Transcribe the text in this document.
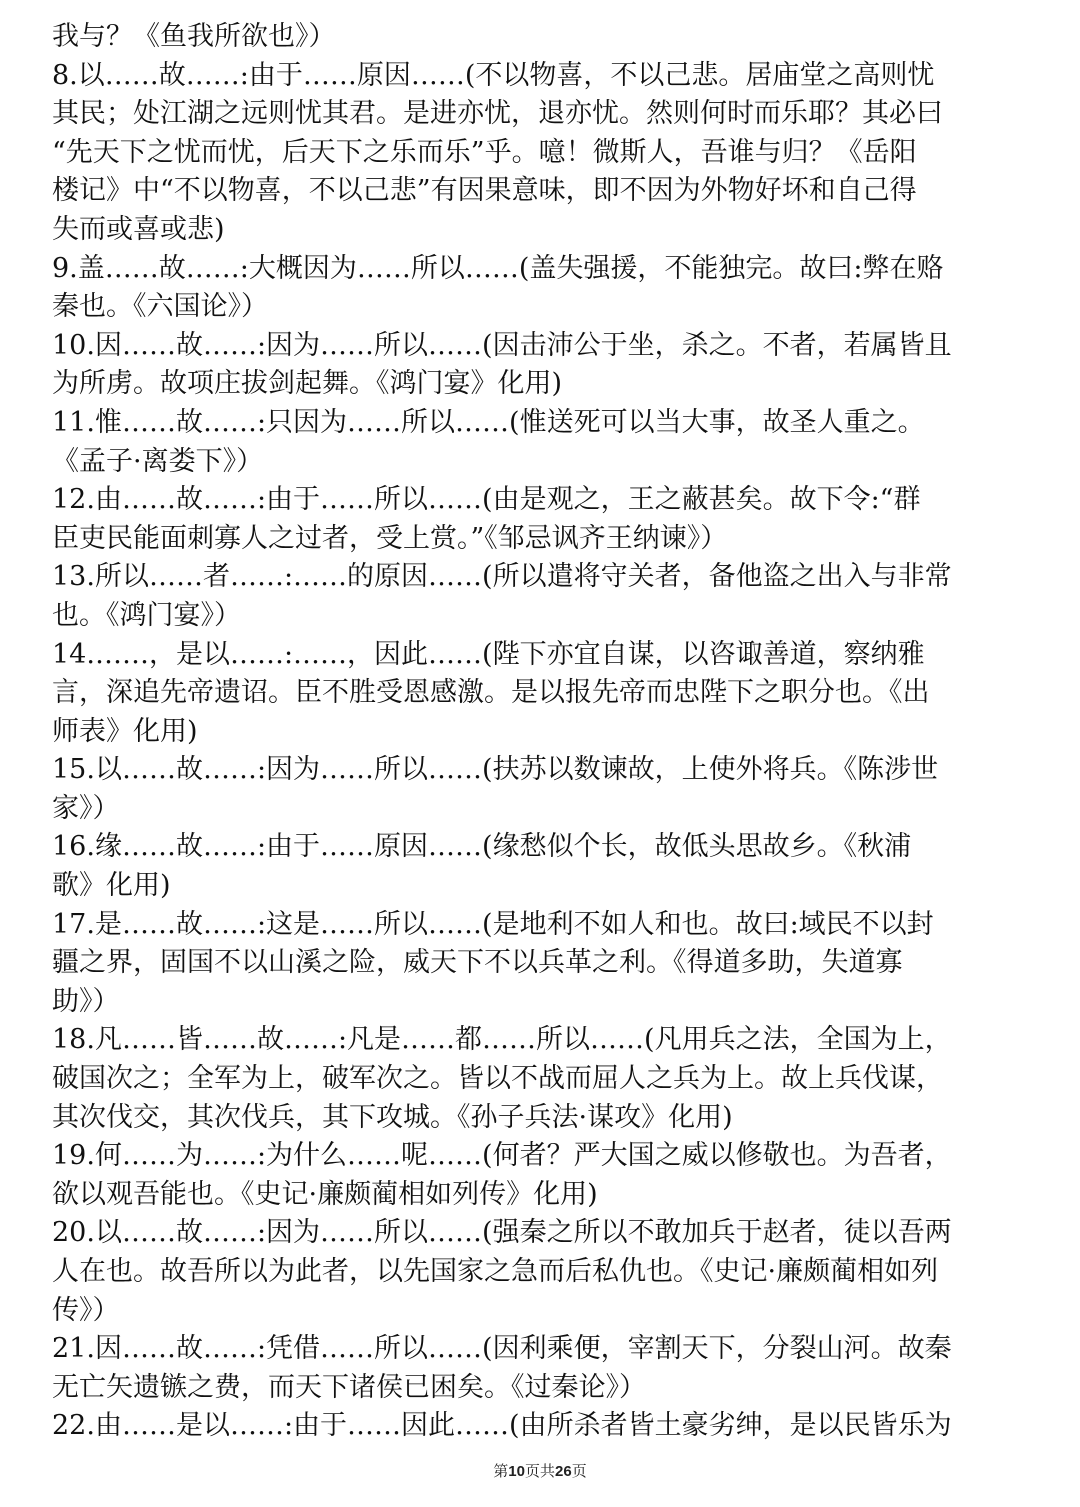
我与？《鱼我所欲也》）
8.以……故……:由于……原因……(不以物喜，不以己悲。居庙堂之高则忧
其民；处江湖之远则忧其君。是进亦忧，退亦忧。然则何时而乐耶？其必曰
“先天下之忧而忧，后天下之乐而乐”乎。噫！微斯人，吾谁与归？《岳阳
楼记》中“不以物喜，不以己悲”有因果意味，即不因为外物好坏和自己得
失而或喜或悲)
9.盖……故……:大概因为……所以……(盖失强援，不能独完。故曰:弊在赂
秦也。《六国论》）
10.因……故……:因为……所以……(因击沛公于坐，杀之。不者，若属皆且
为所虏。故项庄拔剑起舞。《鸿门宴》化用)
11.惟……故……:只因为……所以……(惟送死可以当大事，故圣人重之。
《孟子·离娄下》）
12.由……故……:由于……所以……(由是观之，王之蔽甚矣。故下令:“群
臣吏民能面刺寡人之过者，受上赏。”《邹忌讽齐王纳谏》）
13.所以……者……:……的原因……(所以遣将守关者，备他盗之出入与非常
也。《鸿门宴》）
14.……，是以……:……，因此……(陛下亦宜自谋，以咨诹善道，察纳雅
言，深追先帝遗诏。臣不胜受恩感激。是以报先帝而忠陛下之职分也。《出
师表》化用)
15.以……故……:因为……所以……(扶苏以数谏故，上使外将兵。《陈涉世
家》）
16.缘……故……:由于……原因……(缘愁似个长，故低头思故乡。《秋浦
歌》化用)
17.是……故……:这是……所以……(是地利不如人和也。故曰:域民不以封
疆之界，固国不以山溪之险，威天下不以兵革之利。《得道多助，失道寡
助》）
18.凡……皆……故……:凡是……都……所以……(凡用兵之法，全国为上，
破国次之；全军为上，破军次之。皆以不战而屈人之兵为上。故上兵伐谋，
其次伐交，其次伐兵，其下攻城。《孙子兵法·谋攻》化用)
19.何……为……:为什么……呢……(何者？严大国之威以修敬也。为吾者，
欲以观吾能也。《史记·廉颇蔺相如列传》化用)
20.以……故……:因为……所以……(强秦之所以不敢加兵于赵者，徒以吾两
人在也。故吾所以为此者，以先国家之急而后私仇也。《史记·廉颇蔺相如列
传》）
21.因……故……:凭借……所以……(因利乘便，宰割天下，分裂山河。故秦
无亡矢遗镞之费，而天下诸侯已困矣。《过秦论》）
22.由……是以……:由于……因此……(由所杀者皆土豪劣绅，是以民皆乐为
第10页共26页
